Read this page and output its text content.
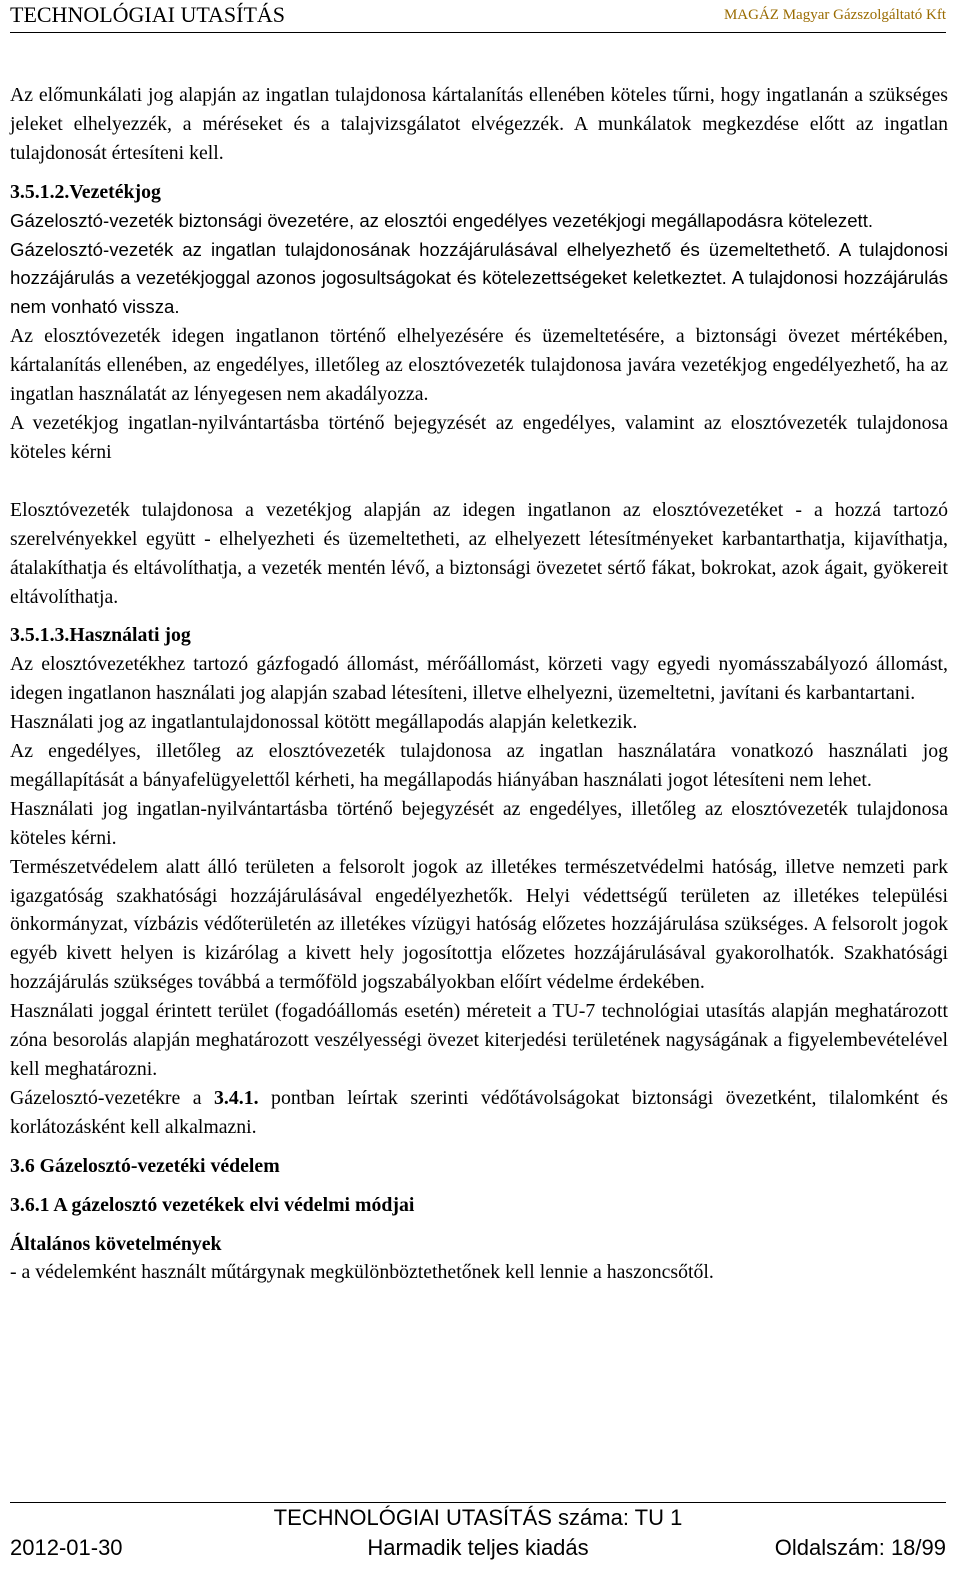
TECHNOLÓGIAI UTASÍTÁS	MAGÁZ Magyar Gázszolgáltató Kft

Az előmunkálati jog alapján az ingatlan tulajdonosa kártalanítás ellenében köteles tűrni, hogy ingatlanán a szükséges jeleket elhelyezzék, a méréseket és a talajvizsgálatot elvégezzék. A munkálatok megkezdése előtt az ingatlan tulajdonosát értesíteni kell.

3.5.1.2.Vezetékjog

Gázelosztó-vezeték biztonsági övezetére, az elosztói engedélyes vezetékjogi megállapodásra kötelezett.

Gázelosztó-vezeték az ingatlan tulajdonosának hozzájárulásával elhelyezhető és üzemeltethető. A tulajdonosi hozzájárulás a vezetékjoggal azonos jogosultságokat és kötelezettségeket keletkeztet. A tulajdonosi hozzájárulás nem vonható vissza.

Az elosztóvezeték idegen ingatlanon történő elhelyezésére és üzemeltetésére, a biztonsági övezet mértékében, kártalanítás ellenében, az engedélyes, illetőleg az elosztóvezeték tulajdonosa javára vezetékjog engedélyezhető, ha az ingatlan használatát az lényegesen nem akadályozza.

A vezetékjog ingatlan-nyilvántartásba történő bejegyzését az engedélyes, valamint az elosztóvezeték tulajdonosa köteles kérni

Elosztóvezeték tulajdonosa a vezetékjog alapján az idegen ingatlanon az elosztóvezetéket - a hozzá tartozó szerelvényekkel együtt - elhelyezheti és üzemeltetheti, az elhelyezett létesítményeket karbantarthatja, kijavíthatja, átalakíthatja és eltávolíthatja, a vezeték mentén lévő, a biztonsági övezetet sértő fákat, bokrokat, azok ágait, gyökereit eltávolíthatja.

3.5.1.3.Használati jog

Az elosztóvezetékhez tartozó gázfogadó állomást, mérőállomást, körzeti vagy egyedi nyomásszabályozó állomást, idegen ingatlanon használati jog alapján szabad létesíteni, illetve elhelyezni, üzemeltetni, javítani és karbantartani.

Használati jog az ingatlantulajdonossal kötött megállapodás alapján keletkezik.

Az engedélyes, illetőleg az elosztóvezeték tulajdonosa az ingatlan használatára vonatkozó használati jog megállapítását a bányafelügyelettől kérheti, ha megállapodás hiányában használati jogot létesíteni nem lehet.

Használati jog ingatlan-nyilvántartásba történő bejegyzését az engedélyes, illetőleg az elosztóvezeték tulajdonosa köteles kérni.

Természetvédelem alatt álló területen a felsorolt jogok az illetékes természetvédelmi hatóság, illetve nemzeti park igazgatóság szakhatósági hozzájárulásával engedélyezhetők. Helyi védettségű területen az illetékes települési önkormányzat, vízbázis védőterületén az illetékes vízügyi hatóság előzetes hozzájárulása szükséges. A felsorolt jogok egyéb kivett helyen is kizárólag a kivett hely jogosítottja előzetes hozzájárulásával gyakorolhatók. Szakhatósági hozzájárulás szükséges továbbá a termőföld jogszabályokban előírt védelme érdekében.

Használati joggal érintett terület (fogadóállomás esetén) méreteit a TU-7 technológiai utasítás alapján meghatározott zóna besorolás alapján meghatározott veszélyességi övezet kiterjedési területének nagyságának a figyelembevételével kell meghatározni.

Gázelosztó-vezetékre a 3.4.1. pontban leírtak szerinti védőtávolságokat biztonsági övezetként, tilalomként és korlátozásként kell alkalmazni.

3.6 Gázelosztó-vezetéki védelem

3.6.1 A gázelosztó vezetékek elvi védelmi módjai

Általános követelmények

- a védelemként használt műtárgynak megkülönböztethetőnek kell lennie a haszoncsőtől.

TECHNOLÓGIAI UTASÍTÁS száma: TU 1
2012-01-30	Harmadik teljes kiadás	Oldalszám: 18/99
